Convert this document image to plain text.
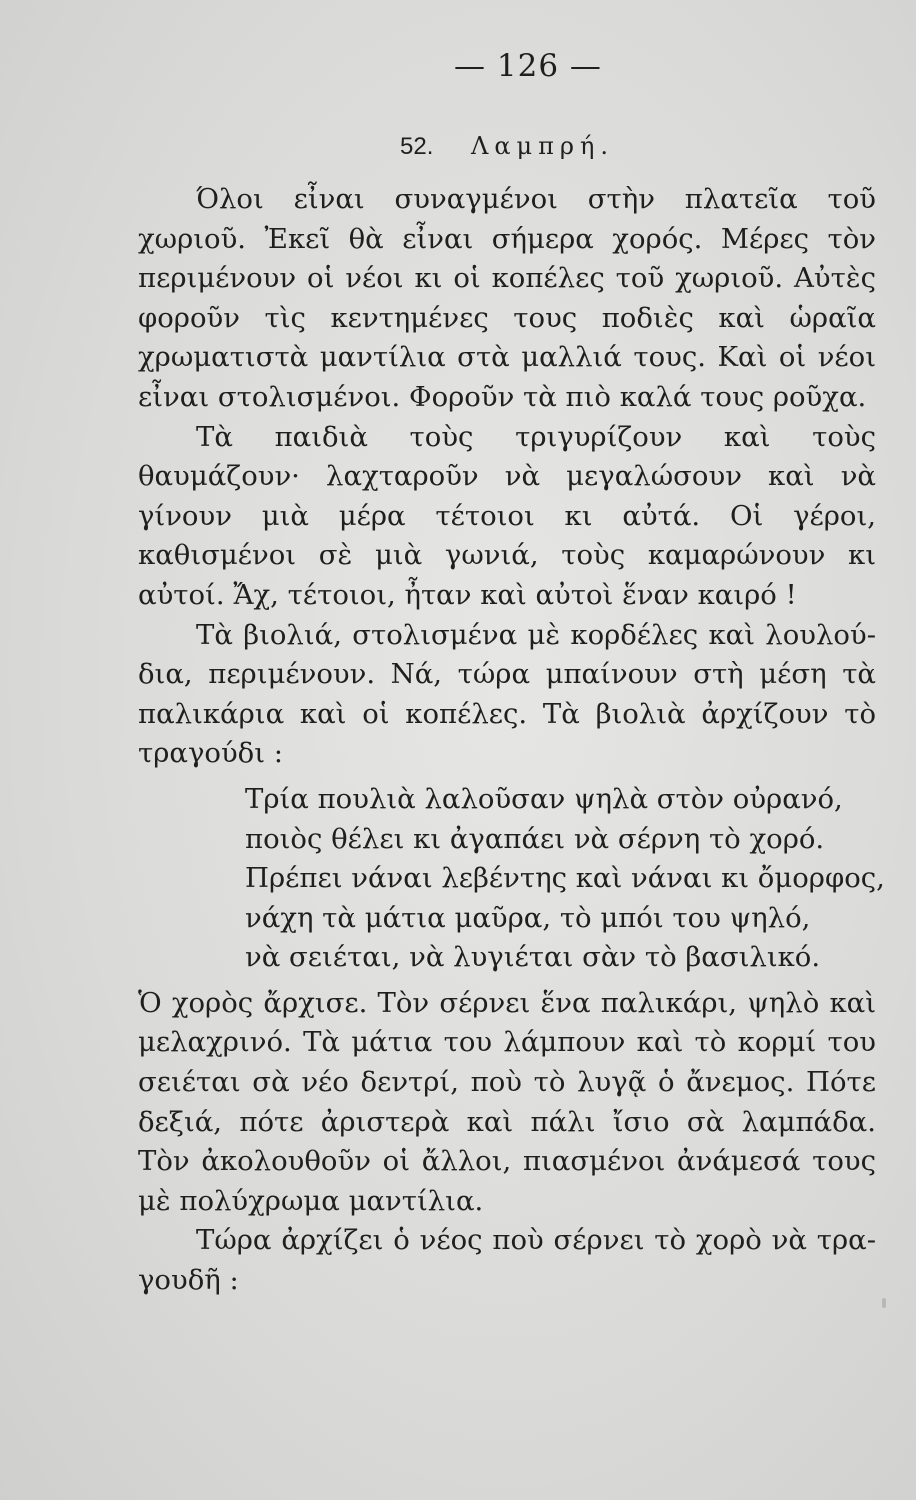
— 126 —
52. Λαμπρή.

Όλοι εἶναι συναγμένοι στὴν πλατεῖα τοῦ χωριοῦ. Ἐκεῖ θὰ εἶναι σήμερα χορός. Μέρες τὸν περιμένουν οἱ νέοι κι οἱ κοπέλες τοῦ χωριοῦ. Αὐτὲς φοροῦν τὶς κεντημένες τους ποδιὲς καὶ ὡραῖα χρωματιστὰ μαντίλια στὰ μαλλιά τους. Καὶ οἱ νέοι εἶναι στολισμένοι. Φοροῦν τὰ πιὸ καλά τους ροῦχα.

Τὰ παιδιὰ τοὺς τριγυρίζουν καὶ τοὺς θαυμάζουν· λαχταροῦν νὰ μεγαλώσουν καὶ νὰ γίνουν μιὰ μέρα τέτοιοι κι αὐτά. Οἱ γέροι, καθισμένοι σὲ μιὰ γωνιά, τοὺς καμαρώνουν κι αὐτοί. Ἄχ, τέτοιοι, ἦταν καὶ αὐτοὶ ἕναν καιρό !

Τὰ βιολιά, στολισμένα μὲ κορδέλες καὶ λουλούδια, περιμένουν. Νά, τώρα μπαίνουν στὴ μέση τὰ παλικάρια καὶ οἱ κοπέλες. Τὰ βιολιὰ ἀρχίζουν τὸ τραγούδι :

Τρία πουλιὰ λαλοῦσαν ψηλὰ στὸν οὐρανό,
ποιὸς θέλει κι ἀγαπάει νὰ σέρνη τὸ χορό.
Πρέπει νάναι λεβέντης καὶ νάναι κι ὄμορφος,
νάχη τὰ μάτια μαῦρα, τὸ μπόι του ψηλό,
νὰ σειέται, νὰ λυγιέται σὰν τὸ βασιλικό.

Ὁ χορὸς ἄρχισε. Τὸν σέρνει ἕνα παλικάρι, ψηλὸ καὶ μελαχρινό. Τὰ μάτια του λάμπουν καὶ τὸ κορμί του σειέται σὰ νέο δεντρί, ποὺ τὸ λυγᾷ ὁ ἄνεμος. Πότε δεξιά, πότε ἀριστερὰ καὶ πάλι ἴσιο σὰ λαμπάδα. Τὸν ἀκολουθοῦν οἱ ἄλλοι, πιασμένοι ἀνάμεσά τους μὲ πολύχρωμα μαντίλια.

Τώρα ἀρχίζει ὁ νέος ποὺ σέρνει τὸ χορὸ νὰ τραγουδῆ :
